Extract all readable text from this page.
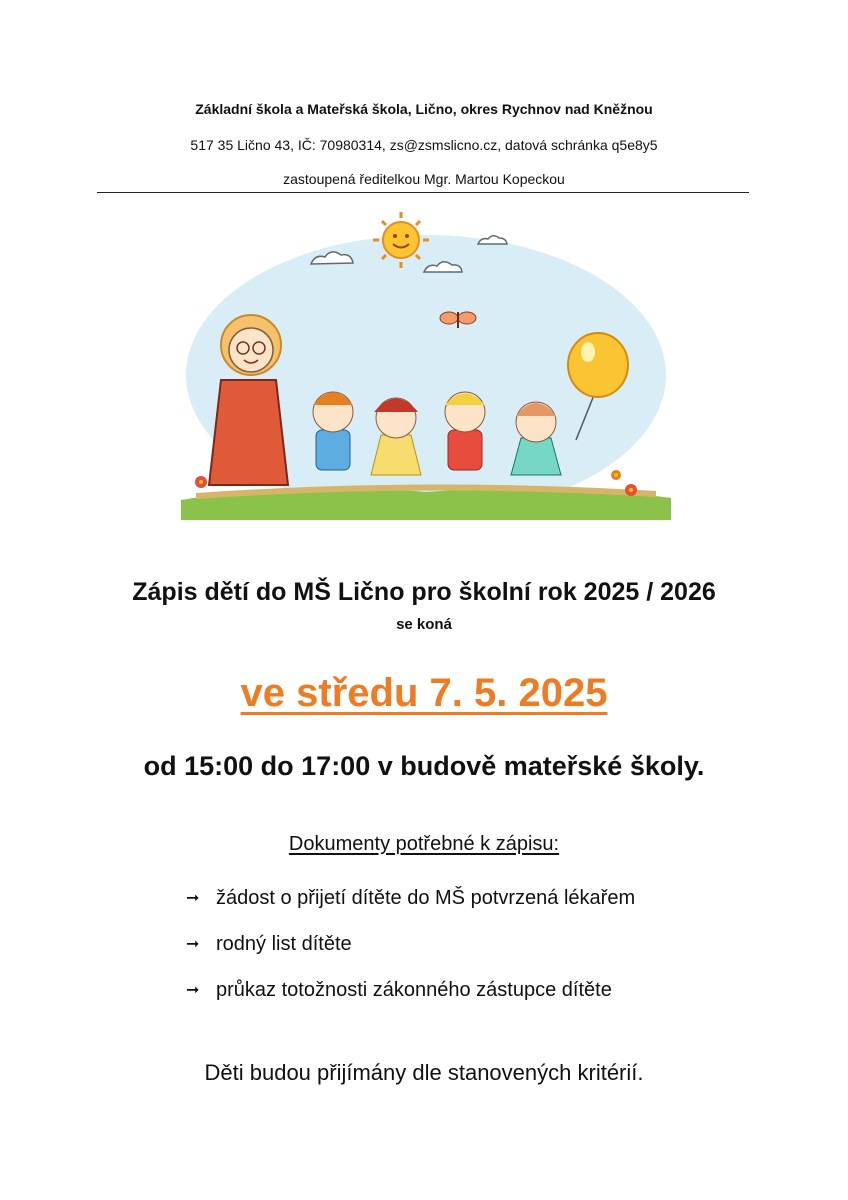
Základní škola a Mateřská škola, Lično, okres Rychnov nad Kněžnou
517 35 Lično 43, IČ: 70980314, zs@zsmslicno.cz, datová schránka q5e8y5
zastoupená ředitelkou Mgr. Martou Kopeckou
Zápis dětí do MŠ Lično pro školní rok 2025 / 2026
se koná
ve středu 7. 5. 2025
od 15:00 do 17:00 v budově mateřské školy.
Dokumenty potřebné k zápisu:
➞ žádost o přijetí dítěte do MŠ potvrzená lékařem
➞ rodný list dítěte
➞ průkaz totožnosti zákonného zástupce dítěte
Děti budou přijímány dle stanovených kritérií.
